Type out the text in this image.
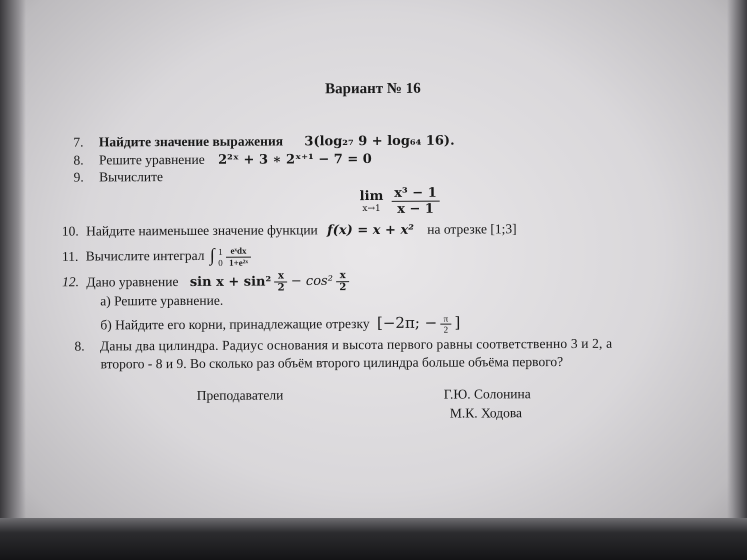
Вариант № 16
7. Найдите значение выражения 3(log₂₇ 9 + log₆₄ 16).
8. Решите уравнение 2²ˣ + 3 ∗ 2ˣ⁺¹ − 7 = 0
9. Вычислите
lim
x→1
$\frac{\text{x³ − 1}}{x - 1}$
10. Найдите наименьшее значение функции f(x) = x + x² на отрезке [1;3]
11. Вычислите интеграл ∫ 1
0
$\frac{\text{eˣdx}}{\text{1+e²ˣ}}$
12. Дано уравнение $\sin x + \sin^2 \frac{x}{2} - \cos^2 \frac{x}{2}$
а) Решите уравнение.
б) Найдите его корни, принадлежащие отрезку [−2π; − $\frac{\pi}{2}$ ]
8. Даны два цилиндра. Радиус основания и высота первого равны соответственно 3 и 2, а
второго - 8 и 9. Во сколько раз объём второго цилиндра больше объёма первого?
Преподаватели	Г.Ю. Солонина
М.К. Ходова
